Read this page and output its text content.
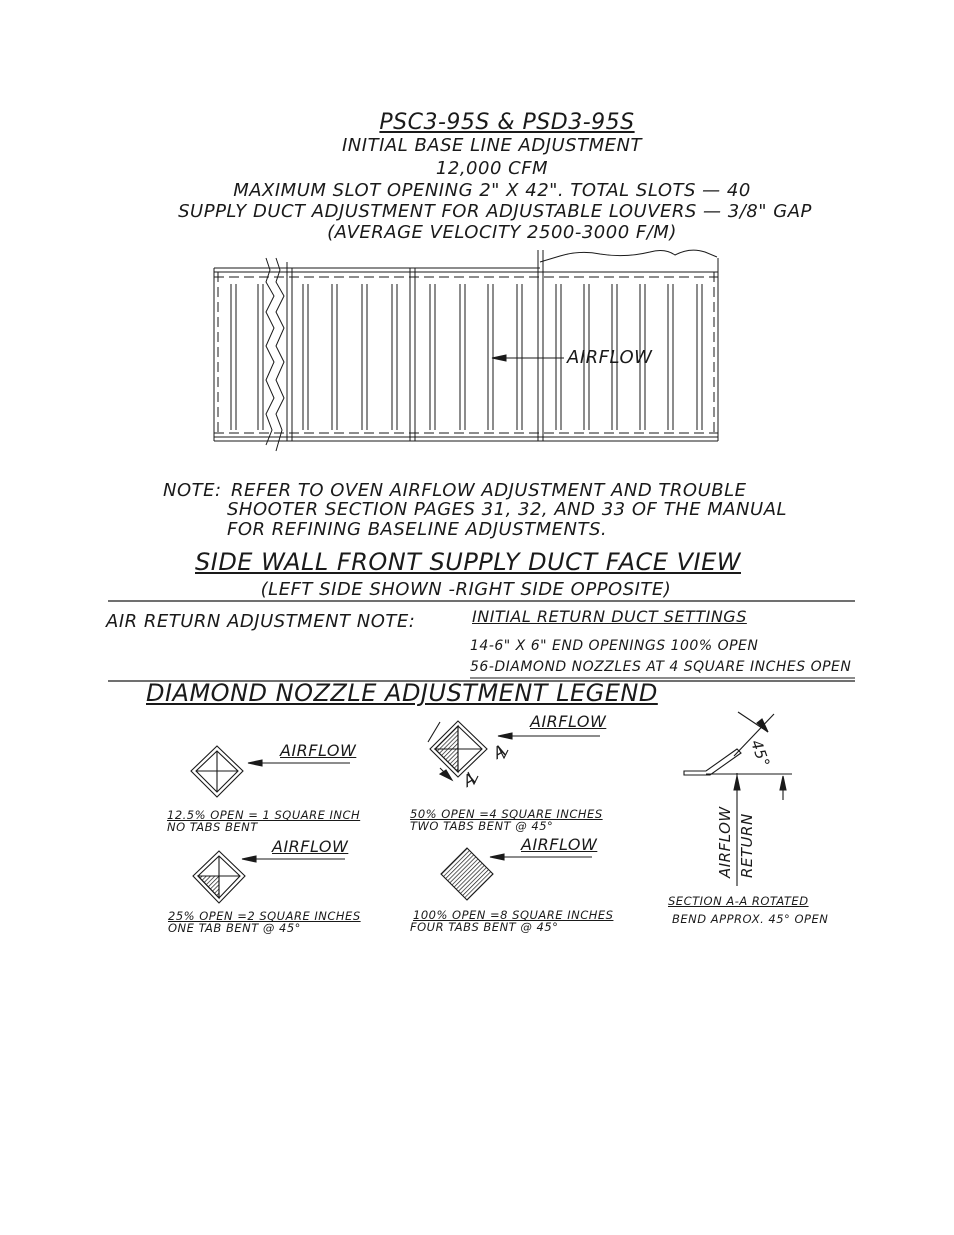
PSC3-95S & PSD3-95S
INITIAL BASE LINE ADJUSTMENT
12,000 CFM
MAXIMUM SLOT OPENING 2" X 42". TOTAL SLOTS — 40
SUPPLY DUCT ADJUSTMENT FOR ADJUSTABLE LOUVERS — 3/8" GAP
(AVERAGE VELOCITY 2500-3000 F/M)
AIRFLOW
NOTE: REFER TO OVEN AIRFLOW ADJUSTMENT AND TROUBLE
SHOOTER SECTION PAGES 31, 32, AND 33 OF THE MANUAL
FOR REFINING BASELINE ADJUSTMENTS.
SIDE WALL FRONT SUPPLY DUCT FACE VIEW
(LEFT SIDE SHOWN -RIGHT SIDE OPPOSITE)
AIR RETURN ADJUSTMENT NOTE:	INITIAL RETURN DUCT SETTINGS
14-6" X 6" END OPENINGS 100% OPEN
56-DIAMOND NOZZLES AT 4 SQUARE INCHES OPEN
DIAMOND NOZZLE ADJUSTMENT LEGEND
AIRFLOW
AIRFLOW
AIRFLOW	AIRFLOW
12.5% OPEN = 1 SQUARE INCH
NO TABS BENT
50% OPEN =4 SQUARE INCHES
TWO TABS BENT @ 45°
25% OPEN =2 SQUARE INCHES
ONE TAB BENT @ 45°
100% OPEN =8 SQUARE INCHES
FOUR TABS BENT @ 45°
A
A
45°
AIRFLOW RETURN
SECTION A-A ROTATED
BEND APPROX. 45° OPEN
